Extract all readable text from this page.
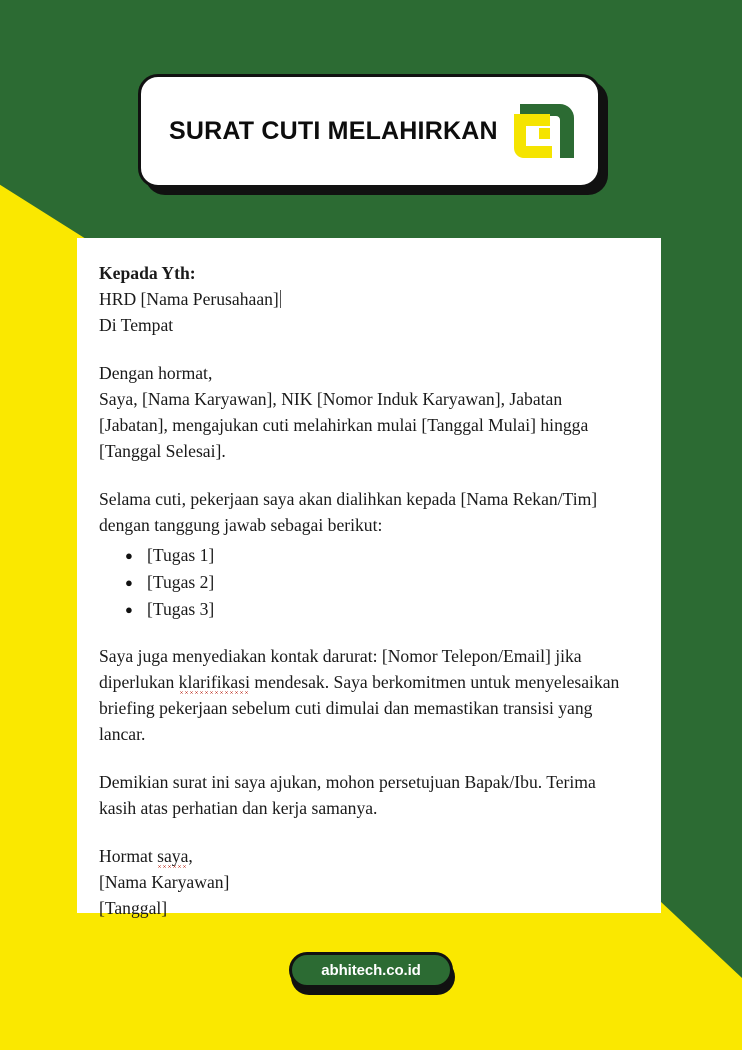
SURAT CUTI MELAHIRKAN
Kepada Yth:
HRD [Nama Perusahaan]
Di Tempat
Dengan hormat,
Saya, [Nama Karyawan], NIK [Nomor Induk Karyawan], Jabatan [Jabatan], mengajukan cuti melahirkan mulai [Tanggal Mulai] hingga [Tanggal Selesai].
Selama cuti, pekerjaan saya akan dialihkan kepada [Nama Rekan/Tim] dengan tanggung jawab sebagai berikut:
● [Tugas 1]
● [Tugas 2]
● [Tugas 3]
Saya juga menyediakan kontak darurat: [Nomor Telepon/Email] jika diperlukan klarifikasi mendesak. Saya berkomitmen untuk menyelesaikan briefing pekerjaan sebelum cuti dimulai dan memastikan transisi yang lancar.
Demikian surat ini saya ajukan, mohon persetujuan Bapak/Ibu. Terima kasih atas perhatian dan kerja samanya.
Hormat saya,
[Nama Karyawan]
[Tanggal]
abhitech.co.id
